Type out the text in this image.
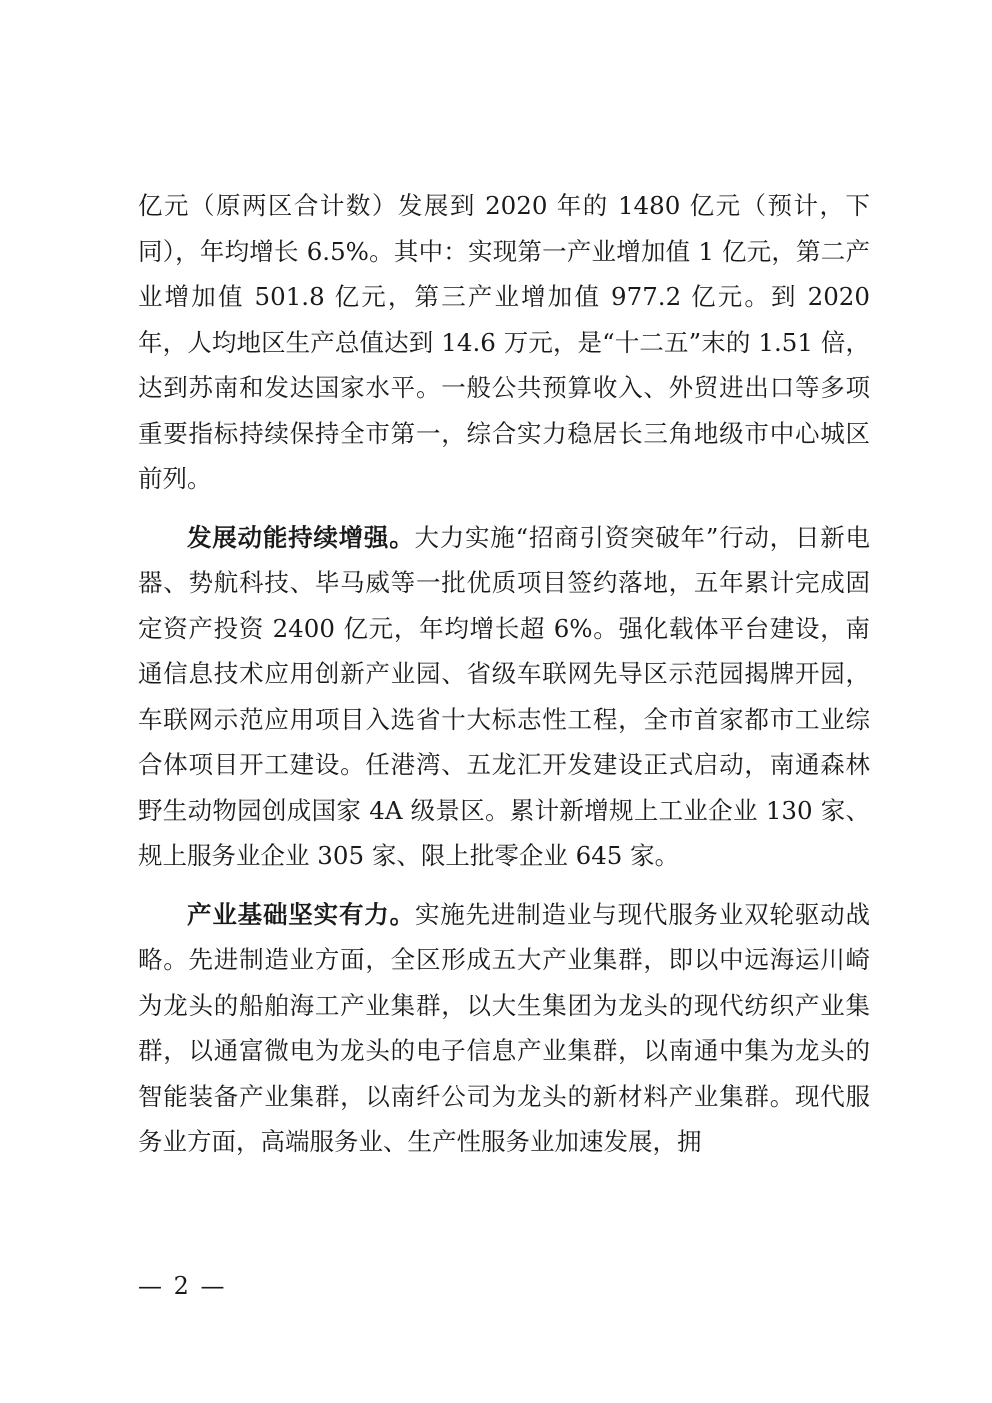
亿元（原两区合计数）发展到 2020 年的 1480 亿元（预计，下同），年均增长 6.5%。其中：实现第一产业增加值 1 亿元，第二产业增加值 501.8 亿元，第三产业增加值 977.2 亿元。到 2020 年，人均地区生产总值达到 14.6 万元，是“十二五”末的 1.51 倍，达到苏南和发达国家水平。一般公共预算收入、外贸进出口等多项重要指标持续保持全市第一，综合实力稳居长三角地级市中心城区前列。

发展动能持续增强。大力实施“招商引资突破年”行动，日新电器、势航科技、毕马威等一批优质项目签约落地，五年累计完成固定资产投资 2400 亿元，年均增长超 6%。强化载体平台建设，南通信息技术应用创新产业园、省级车联网先导区示范园揭牌开园，车联网示范应用项目入选省十大标志性工程，全市首家都市工业综合体项目开工建设。任港湾、五龙汇开发建设正式启动，南通森林野生动物园创成国家 4A 级景区。累计新增规上工业企业 130 家、规上服务业企业 305 家、限上批零企业 645 家。

产业基础坚实有力。实施先进制造业与现代服务业双轮驱动战略。先进制造业方面，全区形成五大产业集群，即以中远海运川崎为龙头的船舶海工产业集群，以大生集团为龙头的现代纺织产业集群，以通富微电为龙头的电子信息产业集群，以南通中集为龙头的智能装备产业集群，以南纤公司为龙头的新材料产业集群。现代服务业方面，高端服务业、生产性服务业加速发展，拥

— 2 —
